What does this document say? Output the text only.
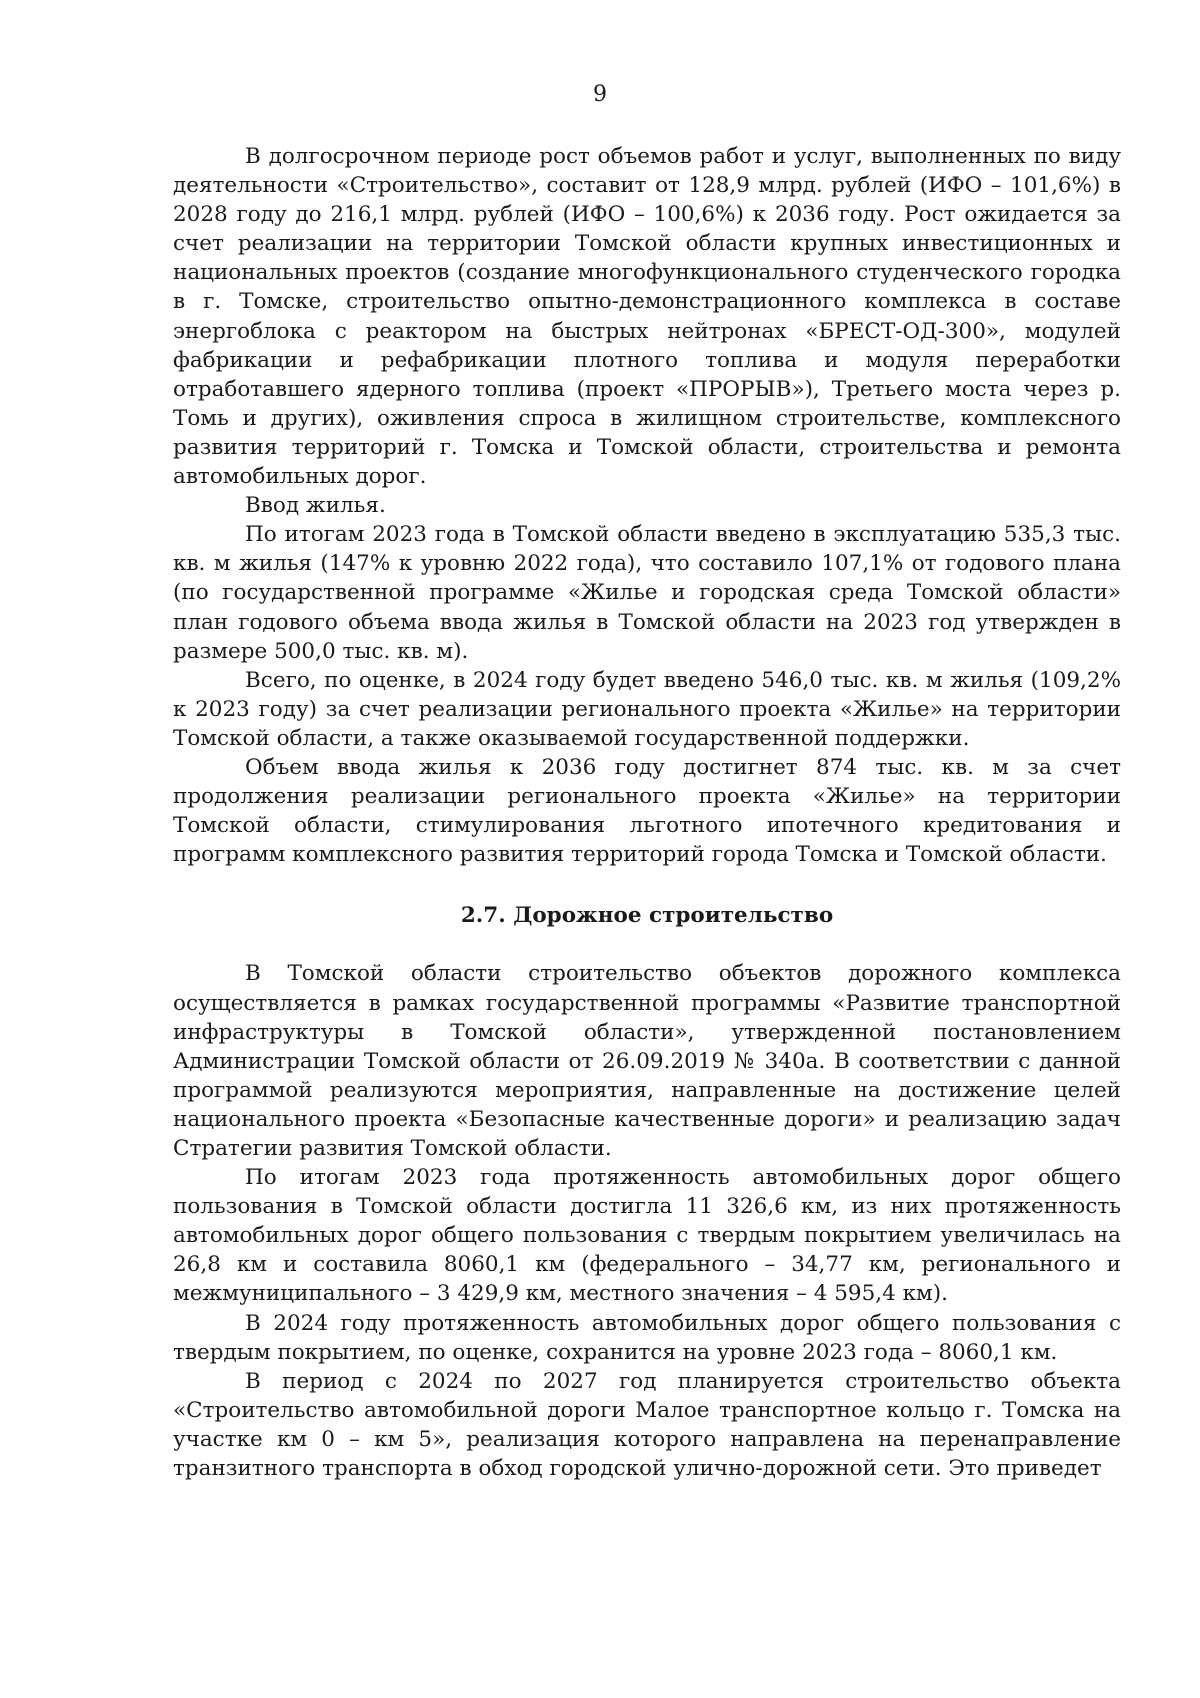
9

В долгосрочном периоде рост объемов работ и услуг, выполненных по виду деятельности «Строительство», составит от 128,9 млрд. рублей (ИФО – 101,6%) в 2028 году до 216,1 млрд. рублей (ИФО – 100,6%) к 2036 году. Рост ожидается за счет реализации на территории Томской области крупных инвестиционных и национальных проектов (создание многофункционального студенческого городка в г. Томске, строительство опытно-демонстрационного комплекса в составе энергоблока с реактором на быстрых нейтронах «БРЕСТ-ОД-300», модулей фабрикации и рефабрикации плотного топлива и модуля переработки отработавшего ядерного топлива (проект «ПРОРЫВ»), Третьего моста через р. Томь и других), оживления спроса в жилищном строительстве, комплексного развития территорий г. Томска и Томской области, строительства и ремонта автомобильных дорог.

Ввод жилья.

По итогам 2023 года в Томской области введено в эксплуатацию 535,3 тыс. кв. м жилья (147% к уровню 2022 года), что составило 107,1% от годового плана (по государственной программе «Жилье и городская среда Томской области» план годового объема ввода жилья в Томской области на 2023 год утвержден в размере 500,0 тыс. кв. м).

Всего, по оценке, в 2024 году будет введено 546,0 тыс. кв. м жилья (109,2% к 2023 году) за счет реализации регионального проекта «Жилье» на территории Томской области, а также оказываемой государственной поддержки.

Объем ввода жилья к 2036 году достигнет 874 тыс. кв. м за счет продолжения реализации регионального проекта «Жилье» на территории Томской области, стимулирования льготного ипотечного кредитования и программ комплексного развития территорий города Томска и Томской области.

2.7. Дорожное строительство

В Томской области строительство объектов дорожного комплекса осуществляется в рамках государственной программы «Развитие транспортной инфраструктуры в Томской области», утвержденной постановлением Администрации Томской области от 26.09.2019 № 340а. В соответствии с данной программой реализуются мероприятия, направленные на достижение целей национального проекта «Безопасные качественные дороги» и реализацию задач Стратегии развития Томской области.

По итогам 2023 года протяженность автомобильных дорог общего пользования в Томской области достигла 11 326,6 км, из них протяженность автомобильных дорог общего пользования с твердым покрытием увеличилась на 26,8 км и составила 8060,1 км (федерального – 34,77 км, регионального и межмуниципального – 3 429,9 км, местного значения – 4 595,4 км).

В 2024 году протяженность автомобильных дорог общего пользования с твердым покрытием, по оценке, сохранится на уровне 2023 года – 8060,1 км.

В период с 2024 по 2027 год планируется строительство объекта «Строительство автомобильной дороги Малое транспортное кольцо г. Томска на участке км 0 – км 5», реализация которого направлена на перенаправление транзитного транспорта в обход городской улично-дорожной сети. Это приведет
